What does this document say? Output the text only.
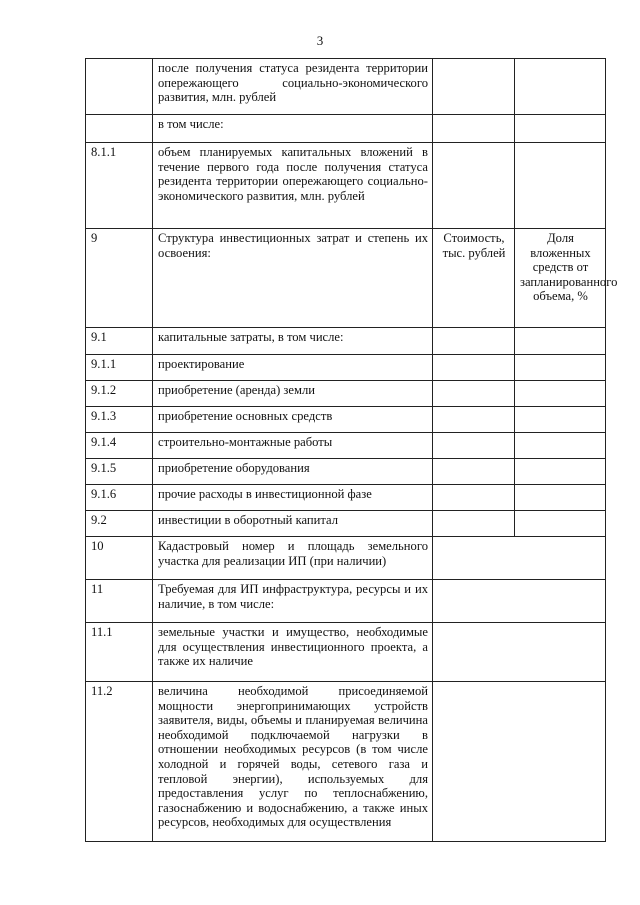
3
	после получения статуса резидента территории опережающего социально-экономического развития, млн. рублей		
	в том числе:		
8.1.1	объем планируемых капитальных вложений в течение первого года после получения статуса резидента территории опережающего социально-экономического развития, млн. рублей		
9	Структура инвестиционных затрат и степень их освоения:	Стоимость, тыс. рублей	Доля вложенных средств от запланированного объема, %
9.1	капитальные затраты, в том числе:		
9.1.1	проектирование		
9.1.2	приобретение (аренда) земли		
9.1.3	приобретение основных средств		
9.1.4	строительно-монтажные работы		
9.1.5	приобретение оборудования		
9.1.6	прочие расходы в инвестиционной фазе		
9.2	инвестиции в оборотный капитал		
10	Кадастровый номер и площадь земельного участка для реализации ИП (при наличии)		
11	Требуемая для ИП инфраструктура, ресурсы и их наличие, в том числе:		
11.1	земельные участки и имущество, необходимые для осуществления инвестиционного проекта, а также их наличие		
11.2	величина необходимой присоединяемой мощности энергопринимающих устройств заявителя, виды, объемы и планируемая величина необходимой подключаемой нагрузки в отношении необходимых ресурсов (в том числе холодной и горячей воды, сетевого газа и тепловой энергии), используемых для предоставления услуг по теплоснабжению, газоснабжению и водоснабжению, а также иных ресурсов, необходимых для осуществления		
